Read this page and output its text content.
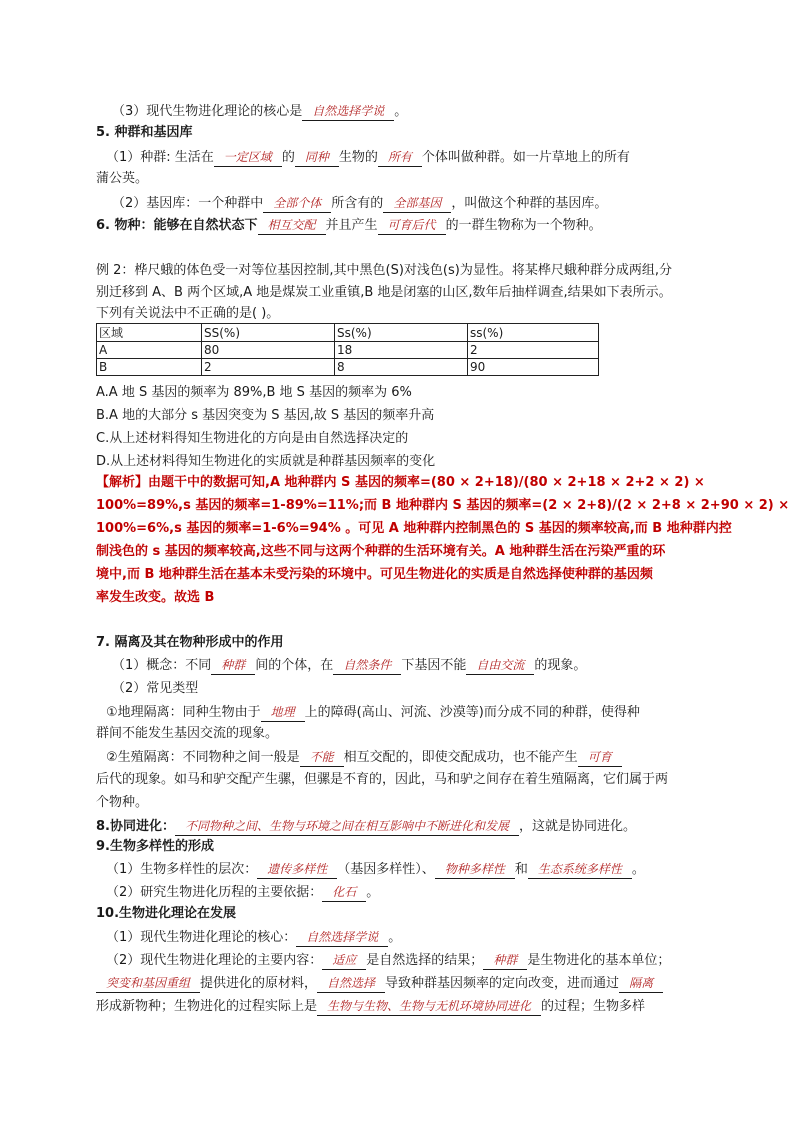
（3）现代生物进化理论的核心是 自然选择学说 。
5. 种群和基因库
（1）种群: 生活在 一定区域 的 同种 生物的 所有 个体叫做种群。如一片草地上的所有
蒲公英。
（2）基因库：一个种群中 全部个体 所含有的 全部基因 ，叫做这个种群的基因库。
6. 物种：能够在自然状态下 相互交配 并且产生 可育后代 的一群生物称为一个物种。
例 2：桦尺蛾的体色受一对等位基因控制,其中黑色(S)对浅色(s)为显性。将某桦尺蛾种群分成两组,分
别迁移到 A、B 两个区域,A 地是煤炭工业重镇,B 地是闭塞的山区,数年后抽样调查,结果如下表所示。
下列有关说法中不正确的是( )。
区域	SS(%)	Ss(%)	ss(%)
A	80	18	2
B	2	8	90
A.A 地 S 基因的频率为 89%,B 地 S 基因的频率为 6%
B.A 地的大部分 s 基因突变为 S 基因,故 S 基因的频率升高
C.从上述材料得知生物进化的方向是由自然选择决定的
D.从上述材料得知生物进化的实质就是种群基因频率的变化
【解析】由题干中的数据可知,A 地种群内 S 基因的频率=(80 × 2+18)/(80 × 2+18 × 2+2 × 2) ×
100%=89%,s 基因的频率=1-89%=11%;而 B 地种群内 S 基因的频率=(2 × 2+8)/(2 × 2+8 × 2+90 × 2) ×
100%=6%,s 基因的频率=1-6%=94% 。可见 A 地种群内控制黑色的 S 基因的频率较高,而 B 地种群内控
制浅色的 s 基因的频率较高,这些不同与这两个种群的生活环境有关。A 地种群生活在污染严重的环
境中,而 B 地种群生活在基本未受污染的环境中。可见生物进化的实质是自然选择使种群的基因频
率发生改变。故选 B
7. 隔离及其在物种形成中的作用
（1）概念：不同 种群 间的个体，在 自然条件 下基因不能 自由交流 的现象。
（2）常见类型
①地理隔离：同种生物由于 地理 上的障碍(高山、河流、沙漠等)而分成不同的种群，使得种
群间不能发生基因交流的现象。
②生殖隔离：不同物种之间一般是 不能 相互交配的，即使交配成功，也不能产生 可育
后代的现象。如马和驴交配产生骡，但骡是不育的，因此，马和驴之间存在着生殖隔离，它们属于两
个物种。
8.协同进化： 不同物种之间、生物与环境之间在相互影响中不断进化和发展 ，这就是协同进化。
9.生物多样性的形成
（1）生物多样性的层次： 遗传多样性 （基因多样性）、 物种多样性 和 生态系统多样性 。
（2）研究生物进化历程的主要依据： 化石 。
10.生物进化理论在发展
（1）现代生物进化理论的核心： 自然选择学说 。
（2）现代生物进化理论的主要内容： 适应 是自然选择的结果； 种群 是生物进化的基本单位；
突变和基因重组 提供进化的原材料， 自然选择 导致种群基因频率的定向改变，进而通过 隔离
形成新物种；生物进化的过程实际上是 生物与生物、生物与无机环境协同进化 的过程；生物多样
